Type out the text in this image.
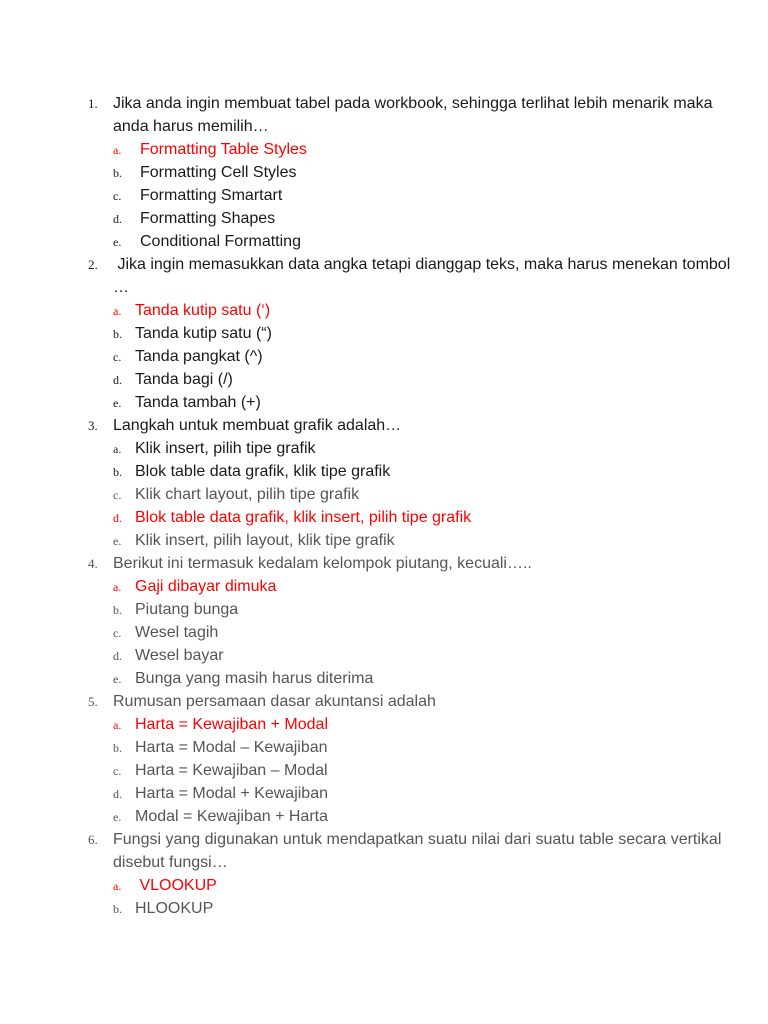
1. Jika anda ingin membuat tabel pada workbook, sehingga terlihat lebih menarik maka anda harus memilih…
a. Formatting Table Styles
b. Formatting Cell Styles
c. Formatting Smartart
d. Formatting Shapes
e. Conditional Formatting
2. Jika ingin memasukkan data angka tetapi dianggap teks, maka harus menekan tombol …
a. Tanda kutip satu (‘)
b. Tanda kutip satu (“)
c. Tanda pangkat (^)
d. Tanda bagi (/)
e. Tanda tambah (+)
3. Langkah untuk membuat grafik adalah…
a. Klik insert, pilih tipe grafik
b. Blok table data grafik, klik tipe grafik
c. Klik chart layout, pilih tipe grafik
d. Blok table data grafik, klik insert, pilih tipe grafik
e. Klik insert, pilih layout, klik tipe grafik
4. Berikut ini termasuk kedalam kelompok piutang, kecuali…..
a. Gaji dibayar dimuka
b. Piutang bunga
c. Wesel tagih
d. Wesel bayar
e. Bunga yang masih harus diterima
5. Rumusan persamaan dasar akuntansi adalah
a. Harta = Kewajiban + Modal
b. Harta = Modal – Kewajiban
c. Harta = Kewajiban – Modal
d. Harta = Modal + Kewajiban
e. Modal = Kewajiban + Harta
6. Fungsi yang digunakan untuk mendapatkan suatu nilai dari suatu table secara vertikal disebut fungsi…
a. VLOOKUP
b. HLOOKUP
